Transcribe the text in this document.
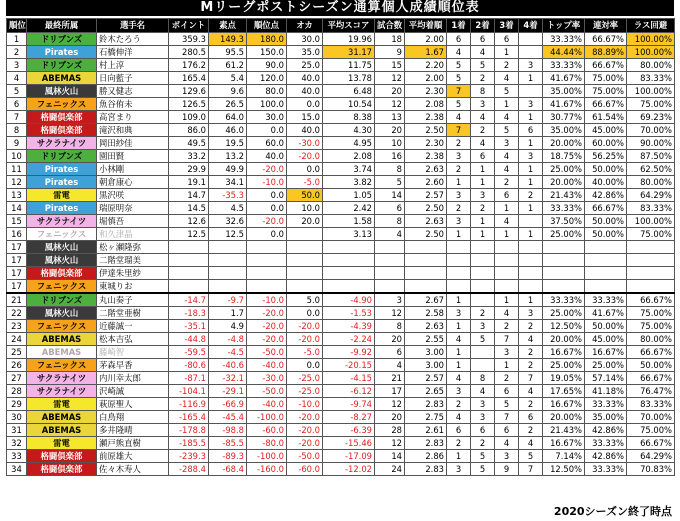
Mリーグポストシーズン通算個人成績順位表
順位	最終所属	選手名	ポイント	素点	順位点	オカ	平均スコア	試合数	平均着順	1着	2着	3着	4着	トップ率	連対率	ラス回避
1	ドリブンズ	鈴木たろう	359.3	149.3	180.0	30.0	19.96	18	2.00	6	6	6		33.33%	66.67%	100.00%
2	Pirates	石橋伸洋	280.5	95.5	150.0	35.0	31.17	9	1.67	4	4	1		44.44%	88.89%	100.00%
3	ドリブンズ	村上淳	176.2	61.2	90.0	25.0	11.75	15	2.20	5	5	2	3	33.33%	66.67%	80.00%
4	ABEMAS	日向藍子	165.4	5.4	120.0	40.0	13.78	12	2.00	5	2	4	1	41.67%	75.00%	83.33%
5	風林火山	勝又健志	129.6	9.6	80.0	40.0	6.48	20	2.30	7	8	5		35.00%	75.00%	100.00%
6	フェニックス	魚谷侑未	126.5	26.5	100.0	0.0	10.54	12	2.08	5	3	1	3	41.67%	66.67%	75.00%
7	格闘倶楽部	高宮まり	109.0	64.0	30.0	15.0	8.38	13	2.38	4	4	4	1	30.77%	61.54%	69.23%
8	格闘倶楽部	滝沢和典	86.0	46.0	0.0	40.0	4.30	20	2.50	7	2	5	6	35.00%	45.00%	70.00%
9	サクラナイツ	岡田紗佳	49.5	19.5	60.0	-30.0	4.95	10	2.30	2	4	3	1	20.00%	60.00%	90.00%
10	ドリブンズ	園田賢	33.2	13.2	40.0	-20.0	2.08	16	2.38	3	6	4	3	18.75%	56.25%	87.50%
11	Pirates	小林剛	29.9	49.9	-20.0	0.0	3.74	8	2.63	2	1	4	1	25.00%	50.00%	62.50%
12	Pirates	朝倉康心	19.1	34.1	-10.0	-5.0	3.82	5	2.60	1	1	2	1	20.00%	40.00%	80.00%
13	雷電	黒沢咲	14.7	-35.3	0.0	50.0	1.05	14	2.57	3	3	6	2	21.43%	42.86%	64.29%
14	Pirates	瑞原明奈	14.5	4.5	0.0	10.0	2.42	6	2.50	2	2	1	1	33.33%	66.67%	83.33%
15	サクラナイツ	堀慎吾	12.6	32.6	-20.0	20.0	1.58	8	2.63	3	1	4		37.50%	50.00%	100.00%
16	フェニックス	和久津晶	12.5	12.5	0.0		3.13	4	2.50	1	1	1	1	25.00%	50.00%	75.00%
17	風林火山	松ヶ瀬隆弥														
17	風林火山	二階堂瑠美														
17	格闘倶楽部	伊達朱里紗														
17	フェニックス	東城りお														
21	ドリブンズ	丸山奏子	-14.7	-9.7	-10.0	5.0	-4.90	3	2.67	1		1	1	33.33%	33.33%	66.67%
22	風林火山	二階堂亜樹	-18.3	1.7	-20.0	0.0	-1.53	12	2.58	3	2	4	3	25.00%	41.67%	75.00%
23	フェニックス	近藤誠一	-35.1	4.9	-20.0	-20.0	-4.39	8	2.63	1	3	2	2	12.50%	50.00%	75.00%
24	ABEMAS	松本吉弘	-44.8	-4.8	-20.0	-20.0	-2.24	20	2.55	4	5	7	4	20.00%	45.00%	80.00%
25	ABEMAS	藤崎智	-59.5	-4.5	-50.0	-5.0	-9.92	6	3.00	1		3	2	16.67%	16.67%	66.67%
26	フェニックス	茅森早香	-80.6	-40.6	-40.0	0.0	-20.15	4	3.00	1		1	2	25.00%	25.00%	50.00%
27	サクラナイツ	内川幸太郎	-87.1	-32.1	-30.0	-25.0	-4.15	21	2.57	4	8	2	7	19.05%	57.14%	66.67%
28	サクラナイツ	沢崎誠	-104.1	-29.1	-50.0	-25.0	-6.12	17	2.65	3	4	6	4	17.65%	41.18%	76.47%
29	雷電	萩原聖人	-116.9	-66.9	-40.0	-10.0	-9.74	12	2.83	2	3	5	2	16.67%	33.33%	83.33%
30	ABEMAS	白鳥翔	-165.4	-45.4	-100.0	-20.0	-8.27	20	2.75	4	3	7	6	20.00%	35.00%	70.00%
31	ABEMAS	多井隆晴	-178.8	-98.8	-60.0	-20.0	-6.39	28	2.61	6	6	6	2	21.43%	42.86%	75.00%
32	雷電	瀬戸熊直樹	-185.5	-85.5	-80.0	-20.0	-15.46	12	2.83	2	2	4	4	16.67%	33.33%	66.67%
33	格闘倶楽部	前原雄大	-239.3	-89.3	-100.0	-50.0	-17.09	14	2.86	1	5	3	5	7.14%	42.86%	64.29%
34	格闘倶楽部	佐々木寿人	-288.4	-68.4	-160.0	-60.0	-12.02	24	2.83	3	5	9	7	12.50%	33.33%	70.83%
2020シーズン終了時点
